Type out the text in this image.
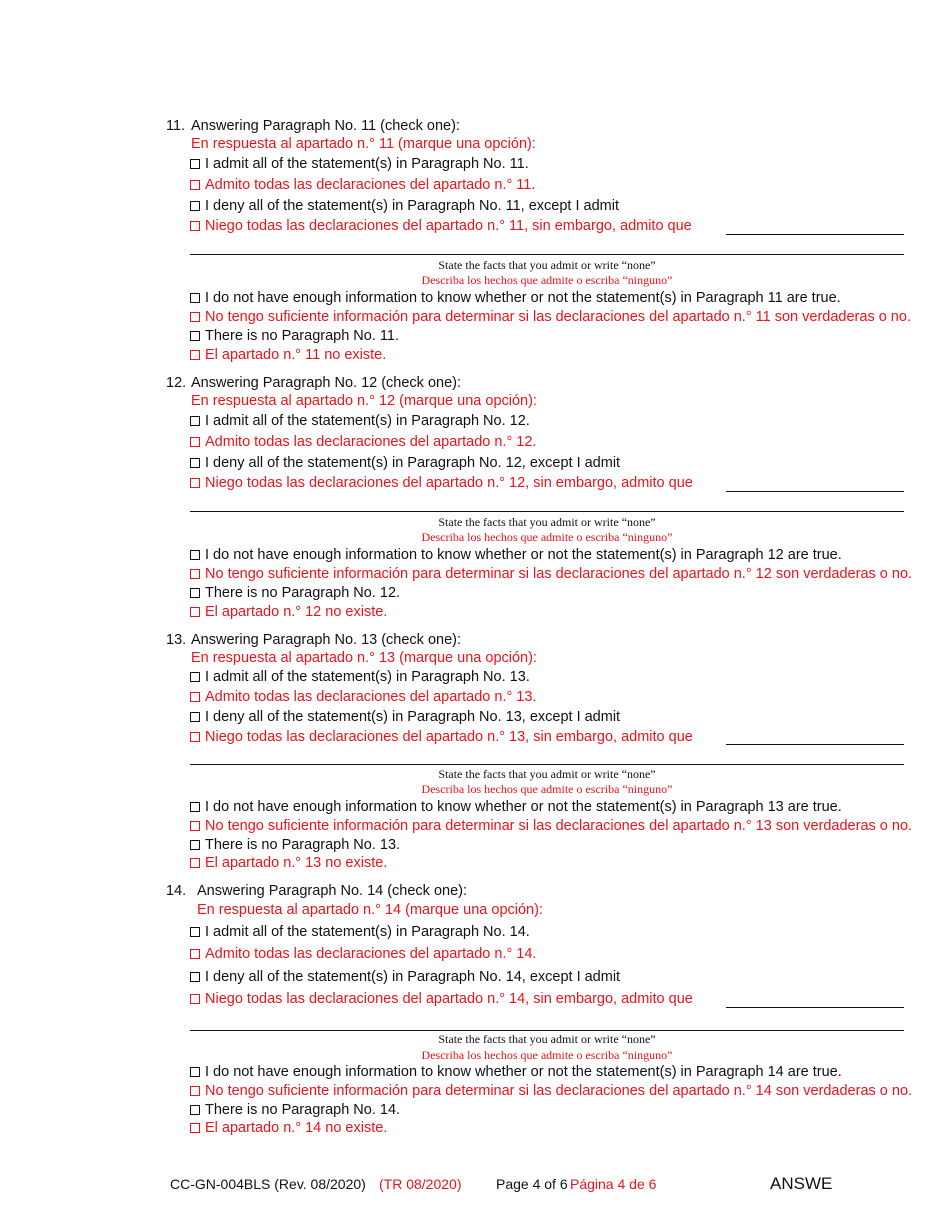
11. Answering Paragraph No. 11 (check one):
En respuesta al apartado n.° 11 (marque una opción):
I admit all of the statement(s) in Paragraph No. 11.
Admito todas las declaraciones del apartado n.° 11.
I deny all of the statement(s) in Paragraph No. 11, except I admit
Niego todas las declaraciones del apartado n.° 11, sin embargo, admito que
State the facts that you admit or write “none”
Describa los hechos que admite o escriba “ninguno”
I do not have enough information to know whether or not the statement(s) in Paragraph 11 are true.
No tengo suficiente información para determinar si las declaraciones del apartado n.° 11 son verdaderas o no.
There is no Paragraph No. 11.
El apartado n.° 11 no existe.
12. Answering Paragraph No. 12 (check one):
En respuesta al apartado n.° 12 (marque una opción):
I admit all of the statement(s) in Paragraph No. 12.
Admito todas las declaraciones del apartado n.° 12.
I deny all of the statement(s) in Paragraph No. 12, except I admit
Niego todas las declaraciones del apartado n.° 12, sin embargo, admito que
State the facts that you admit or write “none”
Describa los hechos que admite o escriba “ninguno”
I do not have enough information to know whether or not the statement(s) in Paragraph 12 are true.
No tengo suficiente información para determinar si las declaraciones del apartado n.° 12 son verdaderas o no.
There is no Paragraph No. 12.
El apartado n.° 12 no existe.
13. Answering Paragraph No. 13 (check one):
En respuesta al apartado n.° 13 (marque una opción):
I admit all of the statement(s) in Paragraph No. 13.
Admito todas las declaraciones del apartado n.° 13.
I deny all of the statement(s) in Paragraph No. 13, except I admit
Niego todas las declaraciones del apartado n.° 13, sin embargo, admito que
State the facts that you admit or write “none”
Describa los hechos que admite o escriba “ninguno”
I do not have enough information to know whether or not the statement(s) in Paragraph 13 are true.
No tengo suficiente información para determinar si las declaraciones del apartado n.° 13 son verdaderas o no.
There is no Paragraph No. 13.
El apartado n.° 13 no existe.
14. Answering Paragraph No. 14 (check one):
En respuesta al apartado n.° 14 (marque una opción):
I admit all of the statement(s) in Paragraph No. 14.
Admito todas las declaraciones del apartado n.° 14.
I deny all of the statement(s) in Paragraph No. 14, except I admit
Niego todas las declaraciones del apartado n.° 14, sin embargo, admito que
State the facts that you admit or write “none”
Describa los hechos que admite o escriba “ninguno”
I do not have enough information to know whether or not the statement(s) in Paragraph 14 are true.
No tengo suficiente información para determinar si las declaraciones del apartado n.° 14 son verdaderas o no.
There is no Paragraph No. 14.
El apartado n.° 14 no existe.
CC-GN-004BLS (Rev. 08/2020) (TR 08/2020) Page 4 of 6 Página 4 de 6	ANSWE
